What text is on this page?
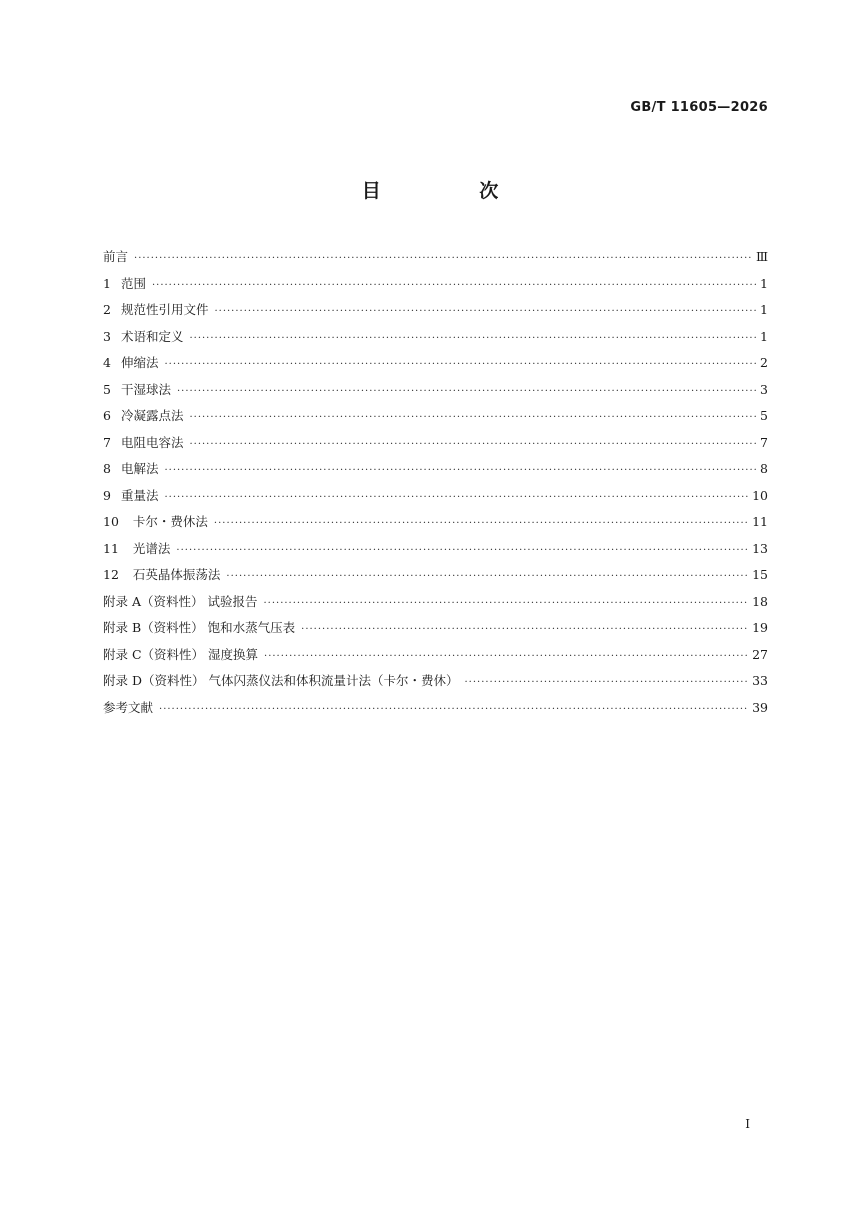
GB/T 11605—2026
目 次
前言 ·····	Ⅲ
1 范围 ·····	1
2 规范性引用文件 ·····	1
3 术语和定义 ·····	1
4 伸缩法 ·····	2
5 干湿球法 ·····	3
6 冷凝露点法 ·····	5
7 电阻电容法 ·····	7
8 电解法 ·····	8
9 重量法 ·····	10
10 卡尔・费休法 ·····	11
11 光谱法 ·····	13
12 石英晶体振荡法 ·····	15
附录 A（资料性） 试验报告 ·····	18
附录 B（资料性） 饱和水蒸气压表 ·····	19
附录 C（资料性） 湿度换算 ·····	27
附录 D（资料性） 气体闪蒸仪法和体积流量计法（卡尔・费休） ·····	33
参考文献 ·····	39
I
